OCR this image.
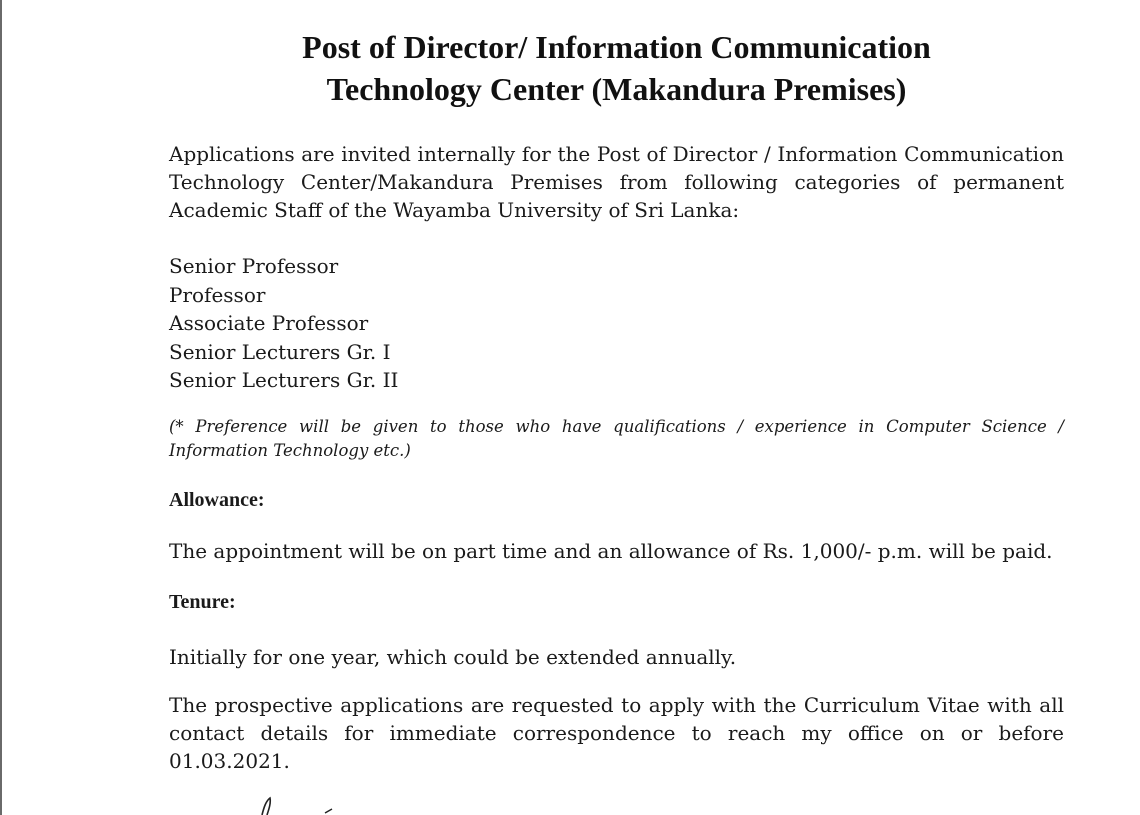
Post of Director/ Information Communication
Technology Center (Makandura Premises)

Applications are invited internally for the Post of Director / Information Communication Technology Center/Makandura Premises from following categories of permanent Academic Staff of the Wayamba University of Sri Lanka:

Senior Professor
Professor
Associate Professor
Senior Lecturers Gr. I
Senior Lecturers Gr. II

(* Preference will be given to those who have qualifications / experience in Computer Science / Information Technology etc.)

Allowance:

The appointment will be on part time and an allowance of Rs. 1,000/- p.m. will be paid.

Tenure:

Initially for one year, which could be extended annually.

The prospective applications are requested to apply with the Curriculum Vitae with all contact details for immediate correspondence to reach my office on or before 01.03.2021.
